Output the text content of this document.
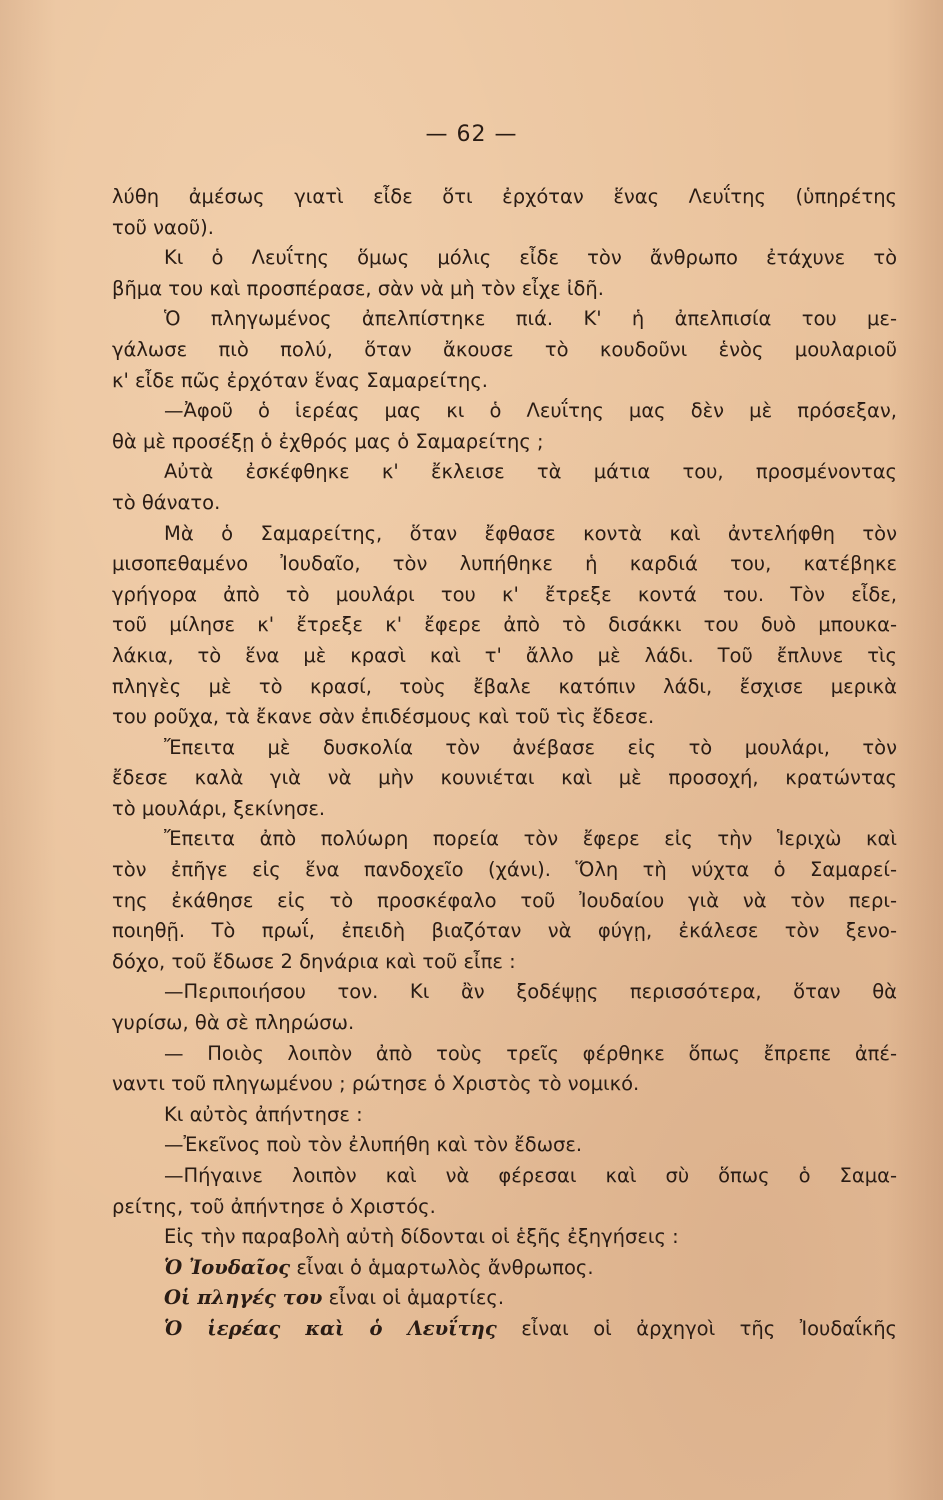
— 62 —
λύθη ἀμέσως γιατὶ εἶδε ὅτι ἐρχόταν ἕνας Λευΐτης (ὑπηρέτης
τοῦ ναοῦ).
Κι ὁ Λευΐτης ὅμως μόλις εἶδε τὸν ἄνθρωπο ἐτάχυνε τὸ
βῆμα του καὶ προσπέρασε, σὰν νὰ μὴ τὸν εἶχε ἰδῆ.
Ὁ πληγωμένος ἀπελπίστηκε πιά. Κ' ἡ ἀπελπισία του με-
γάλωσε πιὸ πολύ, ὅταν ἄκουσε τὸ κουδοῦνι ἑνὸς μουλαριοῦ
κ' εἶδε πῶς ἐρχόταν ἕνας Σαμαρείτης.
—Ἀφοῦ ὁ ἱερέας μας κι ὁ Λευΐτης μας δὲν μὲ πρόσεξαν,
θὰ μὲ προσέξῃ ὁ ἐχθρός μας ὁ Σαμαρείτης ;
Αὐτὰ ἐσκέφθηκε κ' ἔκλεισε τὰ μάτια του, προσμένοντας
τὸ θάνατο.
Μὰ ὁ Σαμαρείτης, ὅταν ἔφθασε κοντὰ καὶ ἀντελήφθη τὸν
μισοπεθαμένο Ἰουδαῖο, τὸν λυπήθηκε ἡ καρδιά του, κατέβηκε
γρήγορα ἀπὸ τὸ μουλάρι του κ' ἔτρεξε κοντά του. Τὸν εἶδε,
τοῦ μίλησε κ' ἔτρεξε κ' ἔφερε ἀπὸ τὸ δισάκκι του δυὸ μπουκα-
λάκια, τὸ ἕνα μὲ κρασὶ καὶ τ' ἄλλο μὲ λάδι. Τοῦ ἔπλυνε τὶς
πληγὲς μὲ τὸ κρασί, τοὺς ἔβαλε κατόπιν λάδι, ἔσχισε μερικὰ
του ροῦχα, τὰ ἔκανε σὰν ἐπιδέσμους καὶ τοῦ τὶς ἔδεσε.
Ἔπειτα μὲ δυσκολία τὸν ἀνέβασε εἰς τὸ μουλάρι, τὸν
ἔδεσε καλὰ γιὰ νὰ μὴν κουνιέται καὶ μὲ προσοχή, κρατώντας
τὸ μουλάρι, ξεκίνησε.
Ἔπειτα ἀπὸ πολύωρη πορεία τὸν ἔφερε εἰς τὴν Ἱεριχὼ καὶ
τὸν ἐπῆγε εἰς ἕνα πανδοχεῖο (χάνι). Ὅλη τὴ νύχτα ὁ Σαμαρεί-
της ἐκάθησε εἰς τὸ προσκέφαλο τοῦ Ἰουδαίου γιὰ νὰ τὸν περι-
ποιηθῇ. Τὸ πρωΐ, ἐπειδὴ βιαζόταν νὰ φύγῃ, ἐκάλεσε τὸν ξενο-
δόχο, τοῦ ἔδωσε 2 δηνάρια καὶ τοῦ εἶπε :
—Περιποιήσου τον. Κι ἂν ξοδέψῃς περισσότερα, ὅταν θὰ
γυρίσω, θὰ σὲ πληρώσω.
— Ποιὸς λοιπὸν ἀπὸ τοὺς τρεῖς φέρθηκε ὅπως ἔπρεπε ἀπέ-
ναντι τοῦ πληγωμένου ; ρώτησε ὁ Χριστὸς τὸ νομικό.
Κι αὐτὸς ἀπήντησε :
—Ἐκεῖνος ποὺ τὸν ἐλυπήθη καὶ τὸν ἔδωσε.
—Πήγαινε λοιπὸν καὶ νὰ φέρεσαι καὶ σὺ ὅπως ὁ Σαμα-
ρείτης, τοῦ ἀπήντησε ὁ Χριστός.
Εἰς τὴν παραβολὴ αὐτὴ δίδονται οἱ ἑξῆς ἐξηγήσεις :
Ὁ Ἰουδαῖος εἶναι ὁ ἁμαρτωλὸς ἄνθρωπος.
Οἱ πληγές του εἶναι οἱ ἁμαρτίες.
Ὁ ἱερέας καὶ ὁ Λευΐτης εἶναι οἱ ἀρχηγοὶ τῆς Ἰουδαΐκῆς
